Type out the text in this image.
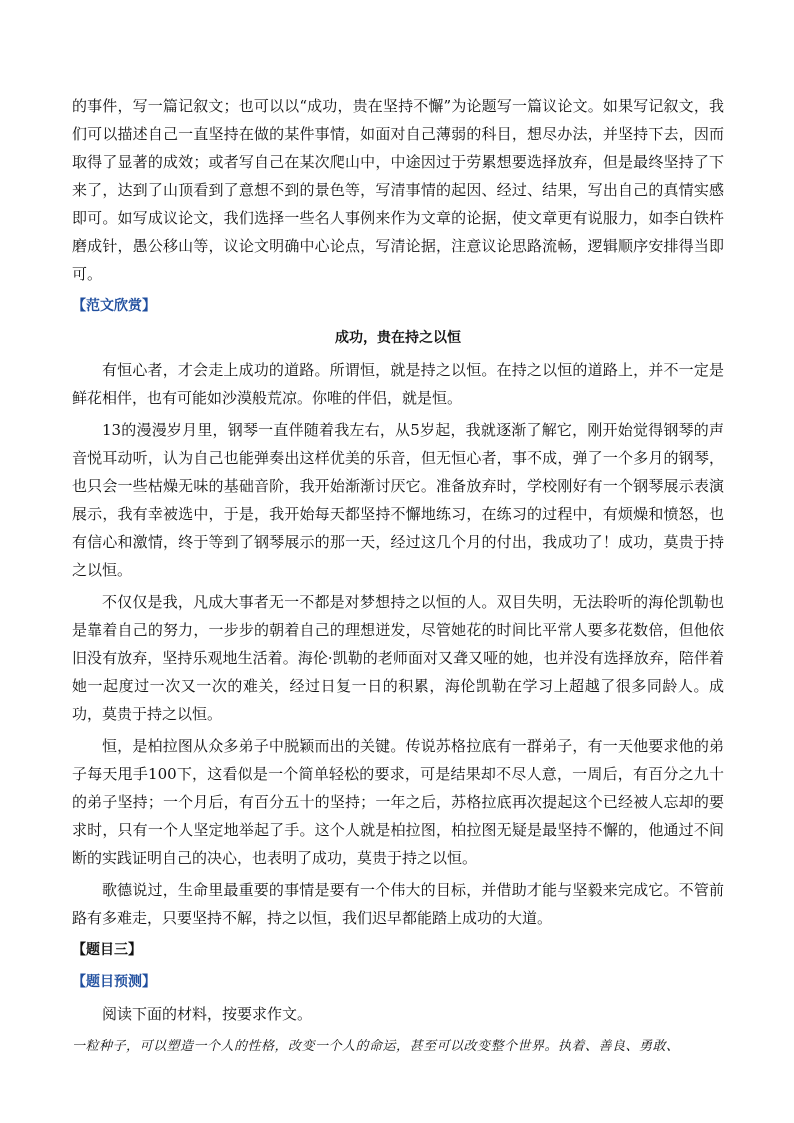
的事件，写一篇记叙文；也可以以“成功，贵在坚持不懈”为论题写一篇议论文。如果写记叙文，我们可以描述自己一直坚持在做的某件事情，如面对自己薄弱的科目，想尽办法，并坚持下去，因而取得了显著的成效；或者写自己在某次爬山中，中途因过于劳累想要选择放弃，但是最终坚持了下来了，达到了山顶看到了意想不到的景色等，写清事情的起因、经过、结果，写出自己的真情实感即可。如写成议论文，我们选择一些名人事例来作为文章的论据，使文章更有说服力，如李白铁杵磨成针，愚公移山等，议论文明确中心论点，写清论据，注意议论思路流畅，逻辑顺序安排得当即可。

【范文欣赏】

成功，贵在持之以恒

有恒心者，才会走上成功的道路。所谓恒，就是持之以恒。在持之以恒的道路上，并不一定是鲜花相伴，也有可能如沙漠般荒凉。你唯的伴侣，就是恒。

13的漫漫岁月里，钢琴一直伴随着我左右，从5岁起，我就逐渐了解它，刚开始觉得钢琴的声音悦耳动听，认为自己也能弹奏出这样优美的乐音，但无恒心者，事不成，弹了一个多月的钢琴，也只会一些枯燥无味的基础音阶，我开始渐渐讨厌它。准备放弃时，学校刚好有一个钢琴展示表演展示，我有幸被选中，于是，我开始每天都坚持不懈地练习，在练习的过程中，有烦燥和愤怒，也有信心和激情，终于等到了钢琴展示的那一天，经过这几个月的付出，我成功了！成功，莫贵于持之以恒。

不仅仅是我，凡成大事者无一不都是对梦想持之以恒的人。双目失明，无法聆听的海伦凯勒也是靠着自己的努力，一步步的朝着自己的理想迸发，尽管她花的时间比平常人要多花数倍，但他依旧没有放弃，坚持乐观地生活着。海伦·凯勒的老师面对又聋又哑的她，也并没有选择放弃，陪伴着她一起度过一次又一次的难关，经过日复一日的积累，海伦凯勒在学习上超越了很多同龄人。成功，莫贵于持之以恒。

恒，是柏拉图从众多弟子中脱颖而出的关键。传说苏格拉底有一群弟子，有一天他要求他的弟子每天甩手100下，这看似是一个简单轻松的要求，可是结果却不尽人意，一周后，有百分之九十的弟子坚持；一个月后，有百分五十的坚持；一年之后，苏格拉底再次提起这个已经被人忘却的要求时，只有一个人坚定地举起了手。这个人就是柏拉图，柏拉图无疑是最坚持不懈的，他通过不间断的实践证明自己的决心，也表明了成功，莫贵于持之以恒。

歌德说过，生命里最重要的事情是要有一个伟大的目标，并借助才能与坚毅来完成它。不管前路有多难走，只要坚持不解，持之以恒，我们迟早都能踏上成功的大道。

【题目三】

【题目预测】

阅读下面的材料，按要求作文。

一粒种子，可以塑造一个人的性格，改变一个人的命运，甚至可以改变整个世界。执着、善良、勇敢、
